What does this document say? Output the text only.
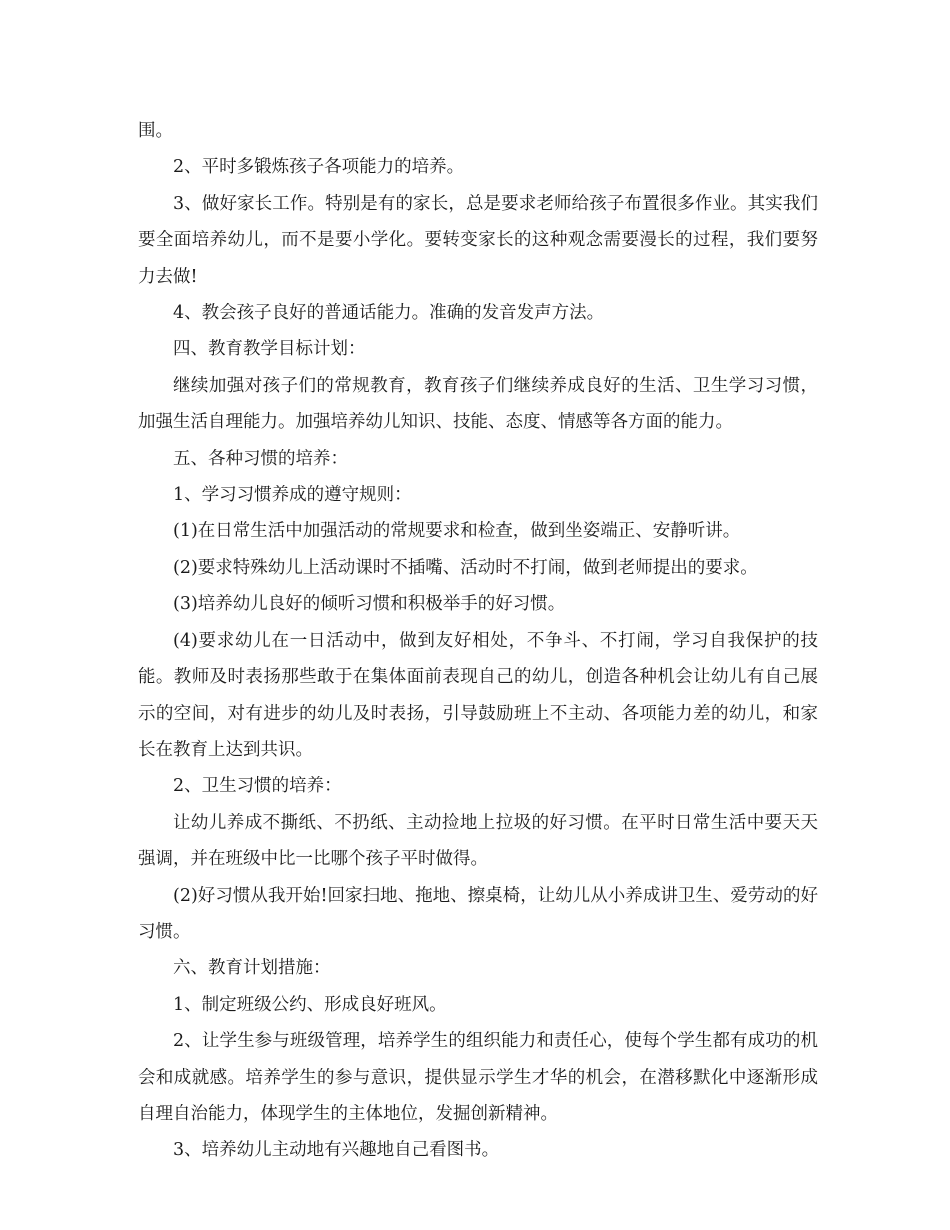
围。

2、平时多锻炼孩子各项能力的培养。

3、做好家长工作。特别是有的家长，总是要求老师给孩子布置很多作业。其实我们要全面培养幼儿，而不是要小学化。要转变家长的这种观念需要漫长的过程，我们要努力去做!

4、教会孩子良好的普通话能力。准确的发音发声方法。

四、教育教学目标计划：

继续加强对孩子们的常规教育，教育孩子们继续养成良好的生活、卫生学习习惯，加强生活自理能力。加强培养幼儿知识、技能、态度、情感等各方面的能力。

五、各种习惯的培养：

1、学习习惯养成的遵守规则：

(1)在日常生活中加强活动的常规要求和检查，做到坐姿端正、安静听讲。

(2)要求特殊幼儿上活动课时不插嘴、活动时不打闹，做到老师提出的要求。

(3)培养幼儿良好的倾听习惯和积极举手的好习惯。

(4)要求幼儿在一日活动中，做到友好相处，不争斗、不打闹，学习自我保护的技能。教师及时表扬那些敢于在集体面前表现自己的幼儿，创造各种机会让幼儿有自己展示的空间，对有进步的幼儿及时表扬，引导鼓励班上不主动、各项能力差的幼儿，和家长在教育上达到共识。

2、卫生习惯的培养：

让幼儿养成不撕纸、不扔纸、主动捡地上拉圾的好习惯。在平时日常生活中要天天强调，并在班级中比一比哪个孩子平时做得。

(2)好习惯从我开始!回家扫地、拖地、擦桌椅，让幼儿从小养成讲卫生、爱劳动的好习惯。

六、教育计划措施：

1、制定班级公约、形成良好班风。

2、让学生参与班级管理，培养学生的组织能力和责任心，使每个学生都有成功的机会和成就感。培养学生的参与意识，提供显示学生才华的机会，在潜移默化中逐渐形成自理自治能力，体现学生的主体地位，发掘创新精神。

3、培养幼儿主动地有兴趣地自己看图书。
